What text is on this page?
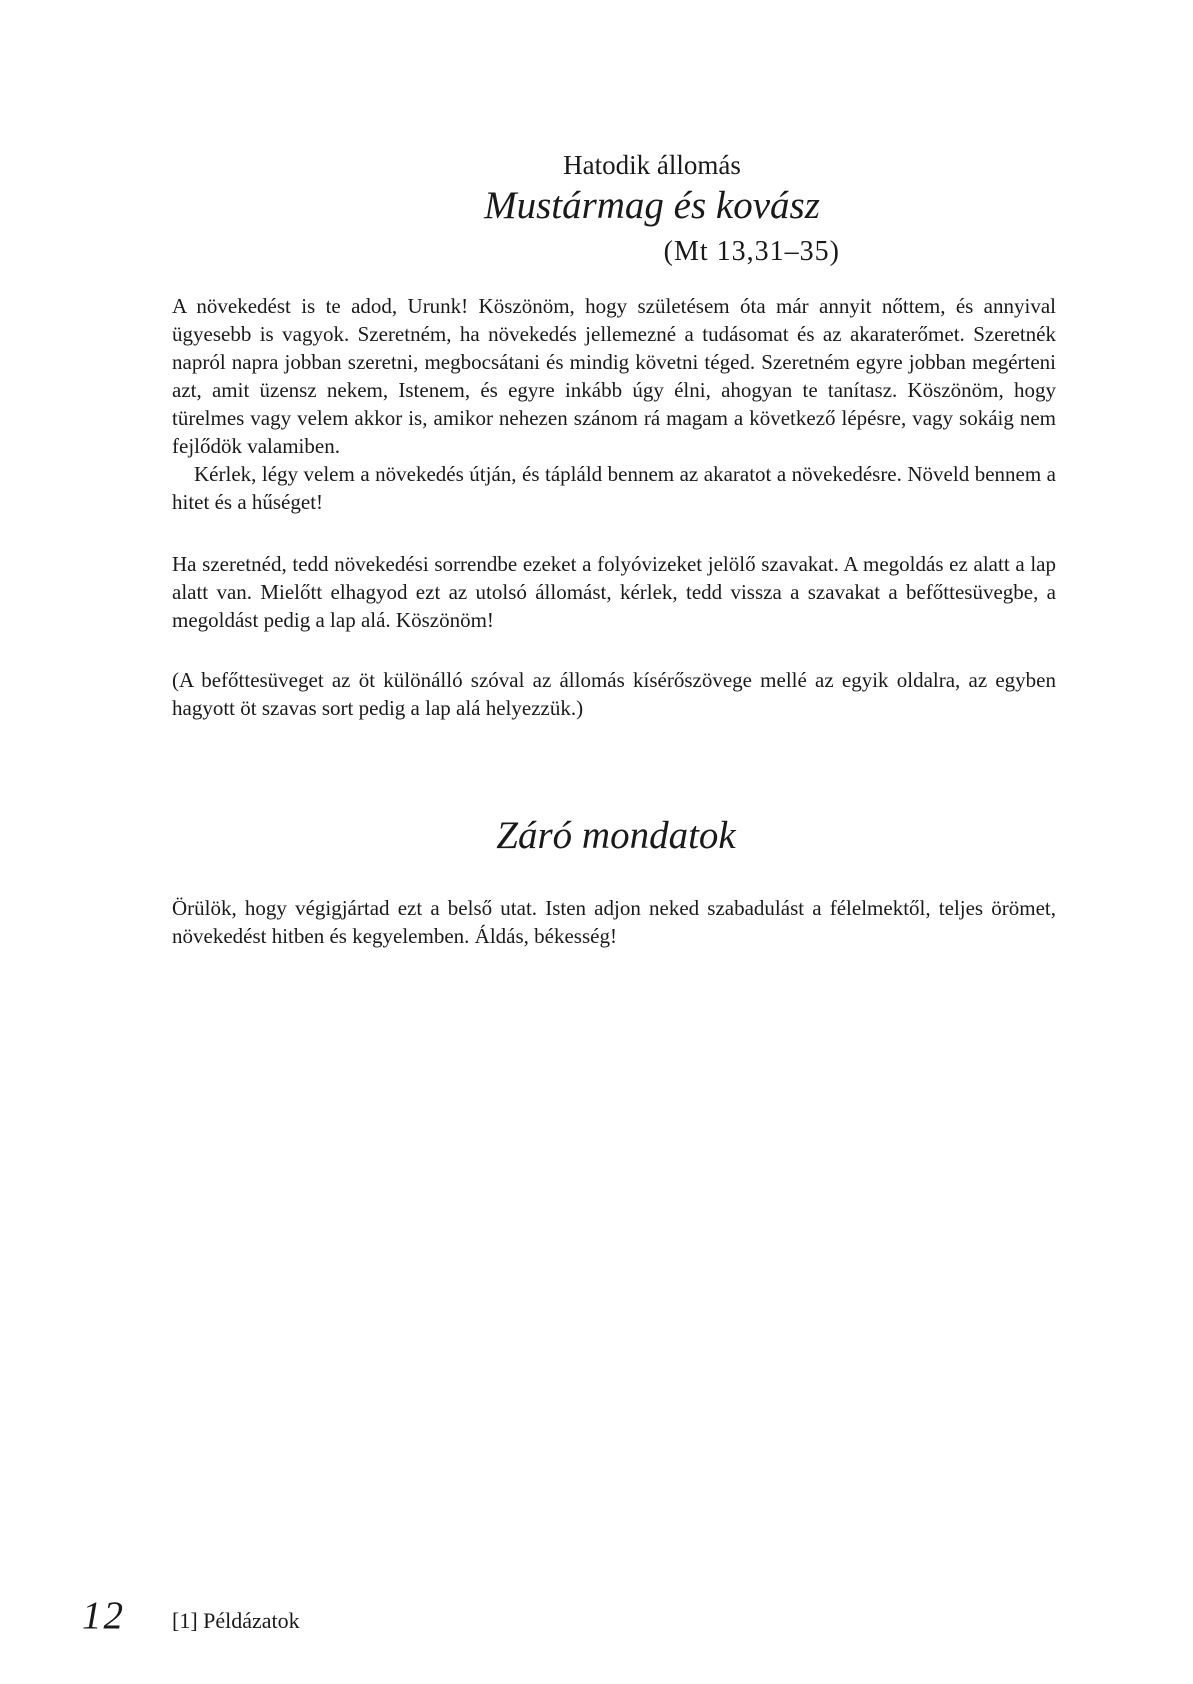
Hatodik állomás
Mustármag és kovász
(Mt 13,31–35)

A növekedést is te adod, Urunk! Köszönöm, hogy születésem óta már annyit nőttem, és annyival ügyesebb is vagyok. Szeretném, ha növekedés jellemezné a tudásomat és az akaraterőmet. Szeretnék napról napra jobban szeretni, megbocsátani és mindig követni téged. Szeretném egyre jobban megérteni azt, amit üzensz nekem, Istenem, és egyre inkább úgy élni, ahogyan te tanítasz. Köszönöm, hogy türelmes vagy velem akkor is, amikor nehezen szánom rá magam a következő lépésre, vagy sokáig nem fejlődök valamiben.

Kérlek, légy velem a növekedés útján, és tápláld bennem az akaratot a növekedésre. Növeld bennem a hitet és a hűséget!

Ha szeretnéd, tedd növekedési sorrendbe ezeket a folyóvizeket jelölő szavakat. A megoldás ez alatt a lap alatt van. Mielőtt elhagyod ezt az utolsó állomást, kérlek, tedd vissza a szavakat a befőttesüvegbe, a megoldást pedig a lap alá. Köszönöm!

(A befőttesüveget az öt különálló szóval az állomás kísérőszövege mellé az egyik oldalra, az egyben hagyott öt szavas sort pedig a lap alá helyezzük.)

Záró mondatok

Örülök, hogy végigjártad ezt a belső utat. Isten adjon neked szabadulást a félelmektől, teljes örömet, növekedést hitben és kegyelemben. Áldás, békesség!

12	[1] Példázatok
